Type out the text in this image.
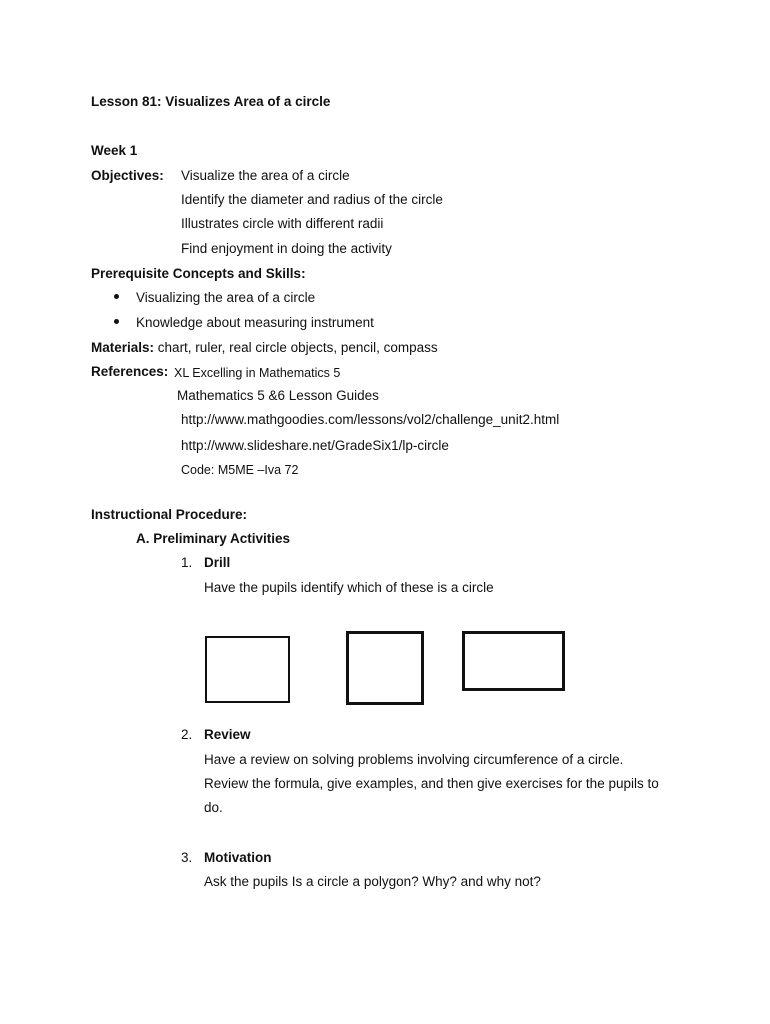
Lesson 81: Visualizes Area of a circle
Week 1
Objectives: Visualize the area of a circle
Identify the diameter and radius of the circle
Illustrates circle with different radii
Find enjoyment in doing the activity
Prerequisite Concepts and Skills:
Visualizing the area of a circle
Knowledge about measuring instrument
Materials: chart, ruler, real circle objects, pencil, compass
References: XL Excelling in Mathematics 5
Mathematics 5 &6 Lesson Guides
http://www.mathgoodies.com/lessons/vol2/challenge_unit2.html
http://www.slideshare.net/GradeSix1/lp-circle
Code: M5ME –Iva 72
Instructional Procedure:
A. Preliminary Activities
1. Drill
Have the pupils identify which of these is a circle
2. Review
Have a review on solving problems involving circumference of a circle.
Review the formula, give examples, and then give exercises for the pupils to
do.
3. Motivation
Ask the pupils Is a circle a polygon? Why? and why not?
